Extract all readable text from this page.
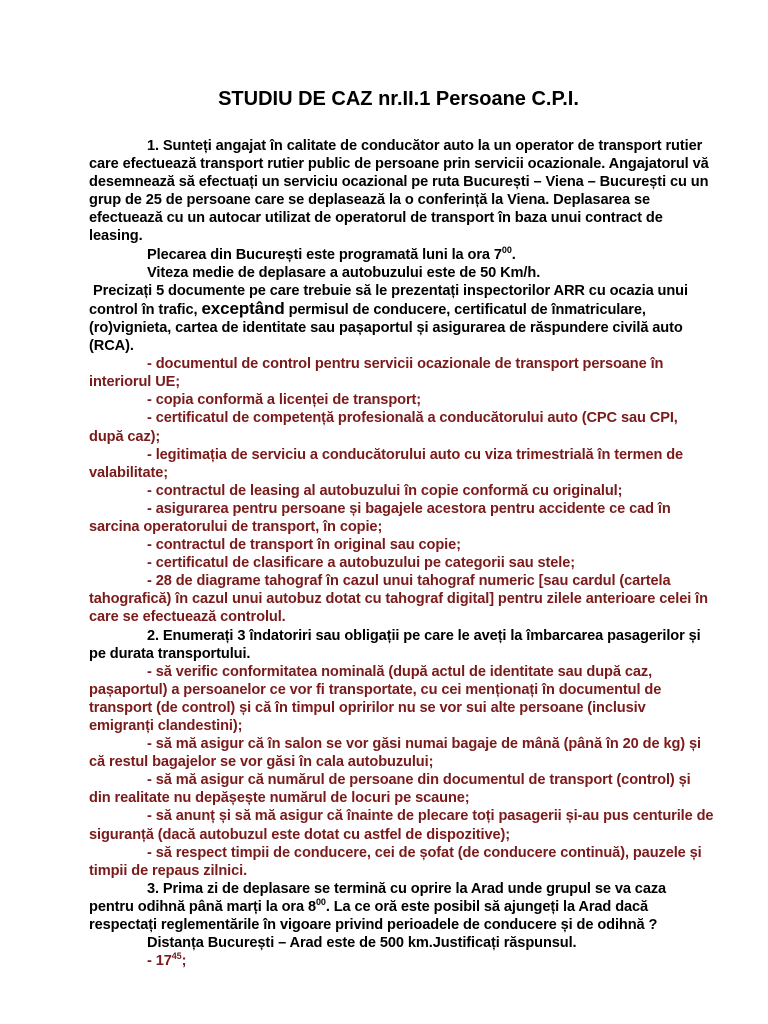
STUDIU DE CAZ nr.II.1 Persoane C.P.I.

1. Sunteți angajat în calitate de conducător auto la un operator de transport rutier care efectuează transport rutier public de persoane prin servicii ocazionale. Angajatorul vă desemnează să efectuați un serviciu ocazional pe ruta București – Viena – București cu un grup de 25 de persoane care se deplasează la o conferință la Viena. Deplasarea se efectuează cu un autocar utilizat de operatorul de transport în baza unui contract de leasing.

Plecarea din București este programată luni la ora $7^{00}$.

Viteza medie de deplasare a autobuzului este de 50 Km/h.

Precizați 5 documente pe care trebuie să le prezentați inspectorilor ARR cu ocazia unui control în trafic, exceptând permisul de conducere, certificatul de înmatriculare, (ro)vignieta, cartea de identitate sau pașaportul și asigurarea de răspundere civilă auto (RCA).

- documentul de control pentru servicii ocazionale de transport persoane în interiorul UE;

- copia conformă a licenței de transport;

- certificatul de competență profesională a conducătorului auto (CPC sau CPI, după caz);

- legitimația de serviciu a conducătorului auto cu viza trimestrială în termen de valabilitate;

- contractul de leasing al autobuzului în copie conformă cu originalul;

- asigurarea pentru persoane și bagajele acestora pentru accidente ce cad în sarcina operatorului de transport, în copie;

- contractul de transport în original sau copie;

- certificatul de clasificare a autobuzului pe categorii sau stele;

- 28 de diagrame tahograf în cazul unui tahograf numeric [sau cardul (cartela tahografică) în cazul unui autobuz dotat cu tahograf digital] pentru zilele anterioare celei în care se efectuează controlul.

2. Enumerați 3 îndatoriri sau obligații pe care le aveți la îmbarcarea pasagerilor și pe durata transportului.

- să verific conformitatea nominală (după actul de identitate sau după caz, pașaportul) a persoanelor ce vor fi transportate, cu cei menționați în documentul de transport (de control) și că în timpul opririlor nu se vor sui alte persoane (inclusiv emigranți clandestini);

- să mă asigur că în salon se vor găsi numai bagaje de mână (până în 20 de kg) și că restul bagajelor se vor găsi în cala autobuzului;

- să mă asigur că numărul de persoane din documentul de transport (control) și din realitate nu depășește numărul de locuri pe scaune;

- să anunț și să mă asigur că înainte de plecare toți pasagerii și-au pus centurile de siguranță (dacă autobuzul este dotat cu astfel de dispozitive);

- să respect timpii de conducere, cei de șofat (de conducere continuă), pauzele și timpii de repaus zilnici.

3. Prima zi de deplasare se termină cu oprire la Arad unde grupul se va caza pentru odihnă până marți la ora $8^{00}$. La ce oră este posibil să ajungeți la Arad dacă respectați reglementările în vigoare privind perioadele de conducere și de odihnă ?

Distanța București – Arad este de 500 km.Justificați răspunsul.

- $17^{45}$;
